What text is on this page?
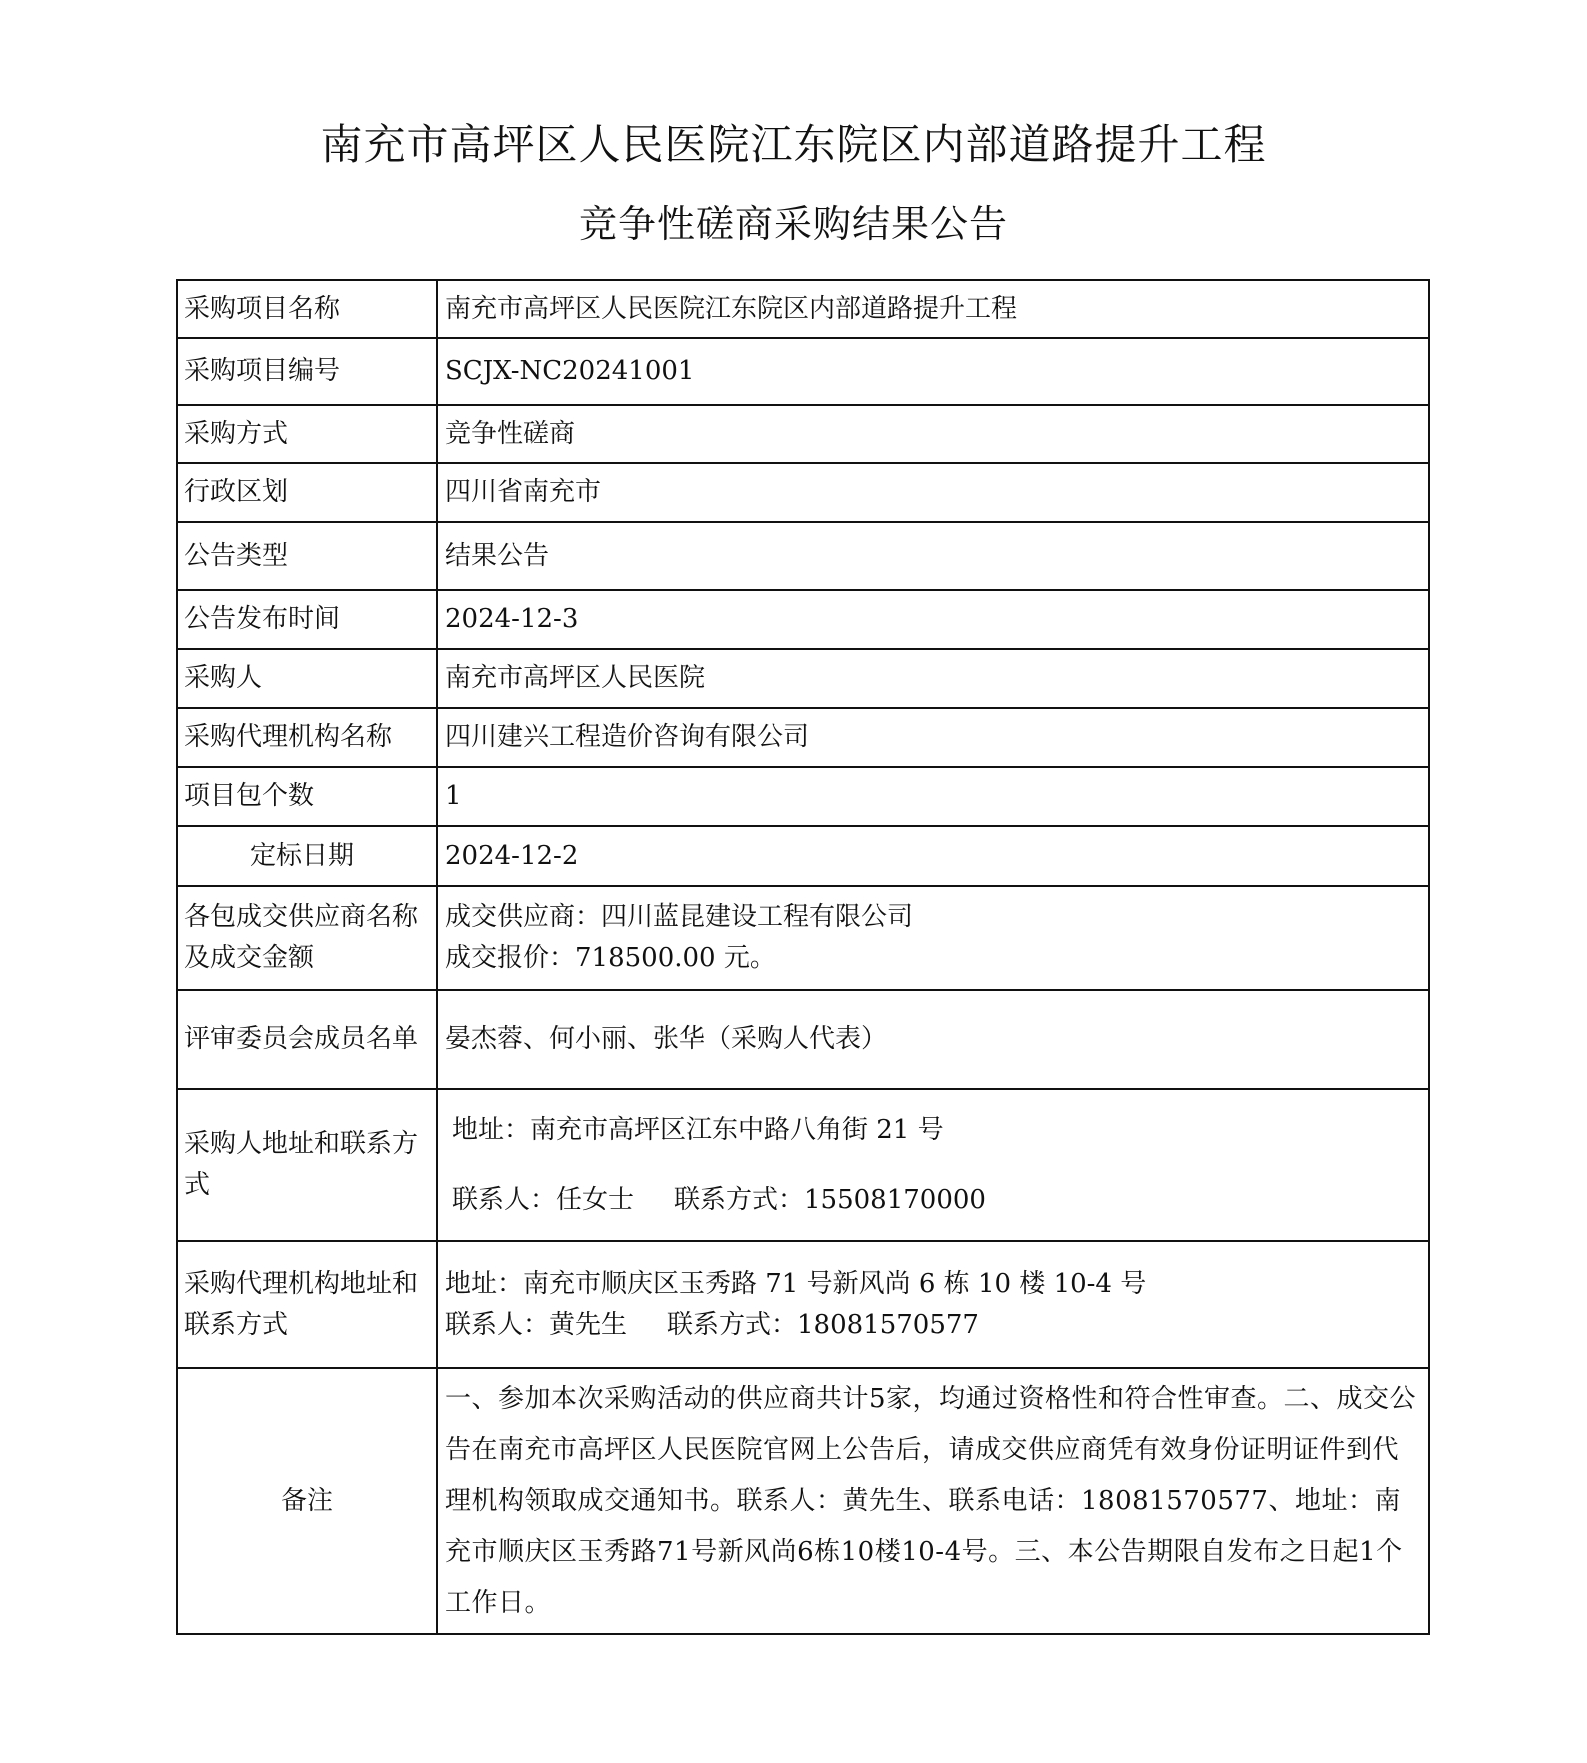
南充市高坪区人民医院江东院区内部道路提升工程
竞争性磋商采购结果公告
采购项目名称	南充市高坪区人民医院江东院区内部道路提升工程
采购项目编号	SCJX-NC20241001
采购方式	竞争性磋商
行政区划	四川省南充市
公告类型	结果公告
公告发布时间	2024-12-3
采购人	南充市高坪区人民医院
采购代理机构名称	四川建兴工程造价咨询有限公司
项目包个数	1
定标日期	2024-12-2
各包成交供应商名称及成交金额	成交供应商：四川蓝昆建设工程有限公司
成交报价：718500.00 元。

评审委员会成员名单	晏杰蓉、何小丽、张华（采购人代表）
采购人地址和联系方式	地址：南充市高坪区江东中路八角街 21 号
联系人：任女士 联系方式：15508170000

采购代理机构地址和联系方式	地址：南充市顺庆区玉秀路 71 号新风尚 6 栋 10 楼 10-4 号
联系人：黄先生 联系方式：18081570577

备注	一、参加本次采购活动的供应商共计5家，均通过资格性和符合性审查。二、成交公告在南充市高坪区人民医院官网上公告后，请成交供应商凭有效身份证明证件到代理机构领取成交通知书。联系人：黄先生、联系电话：18081570577、地址：南充市顺庆区玉秀路71号新风尚6栋10楼10-4号。三、本公告期限自发布之日起1个工作日。
